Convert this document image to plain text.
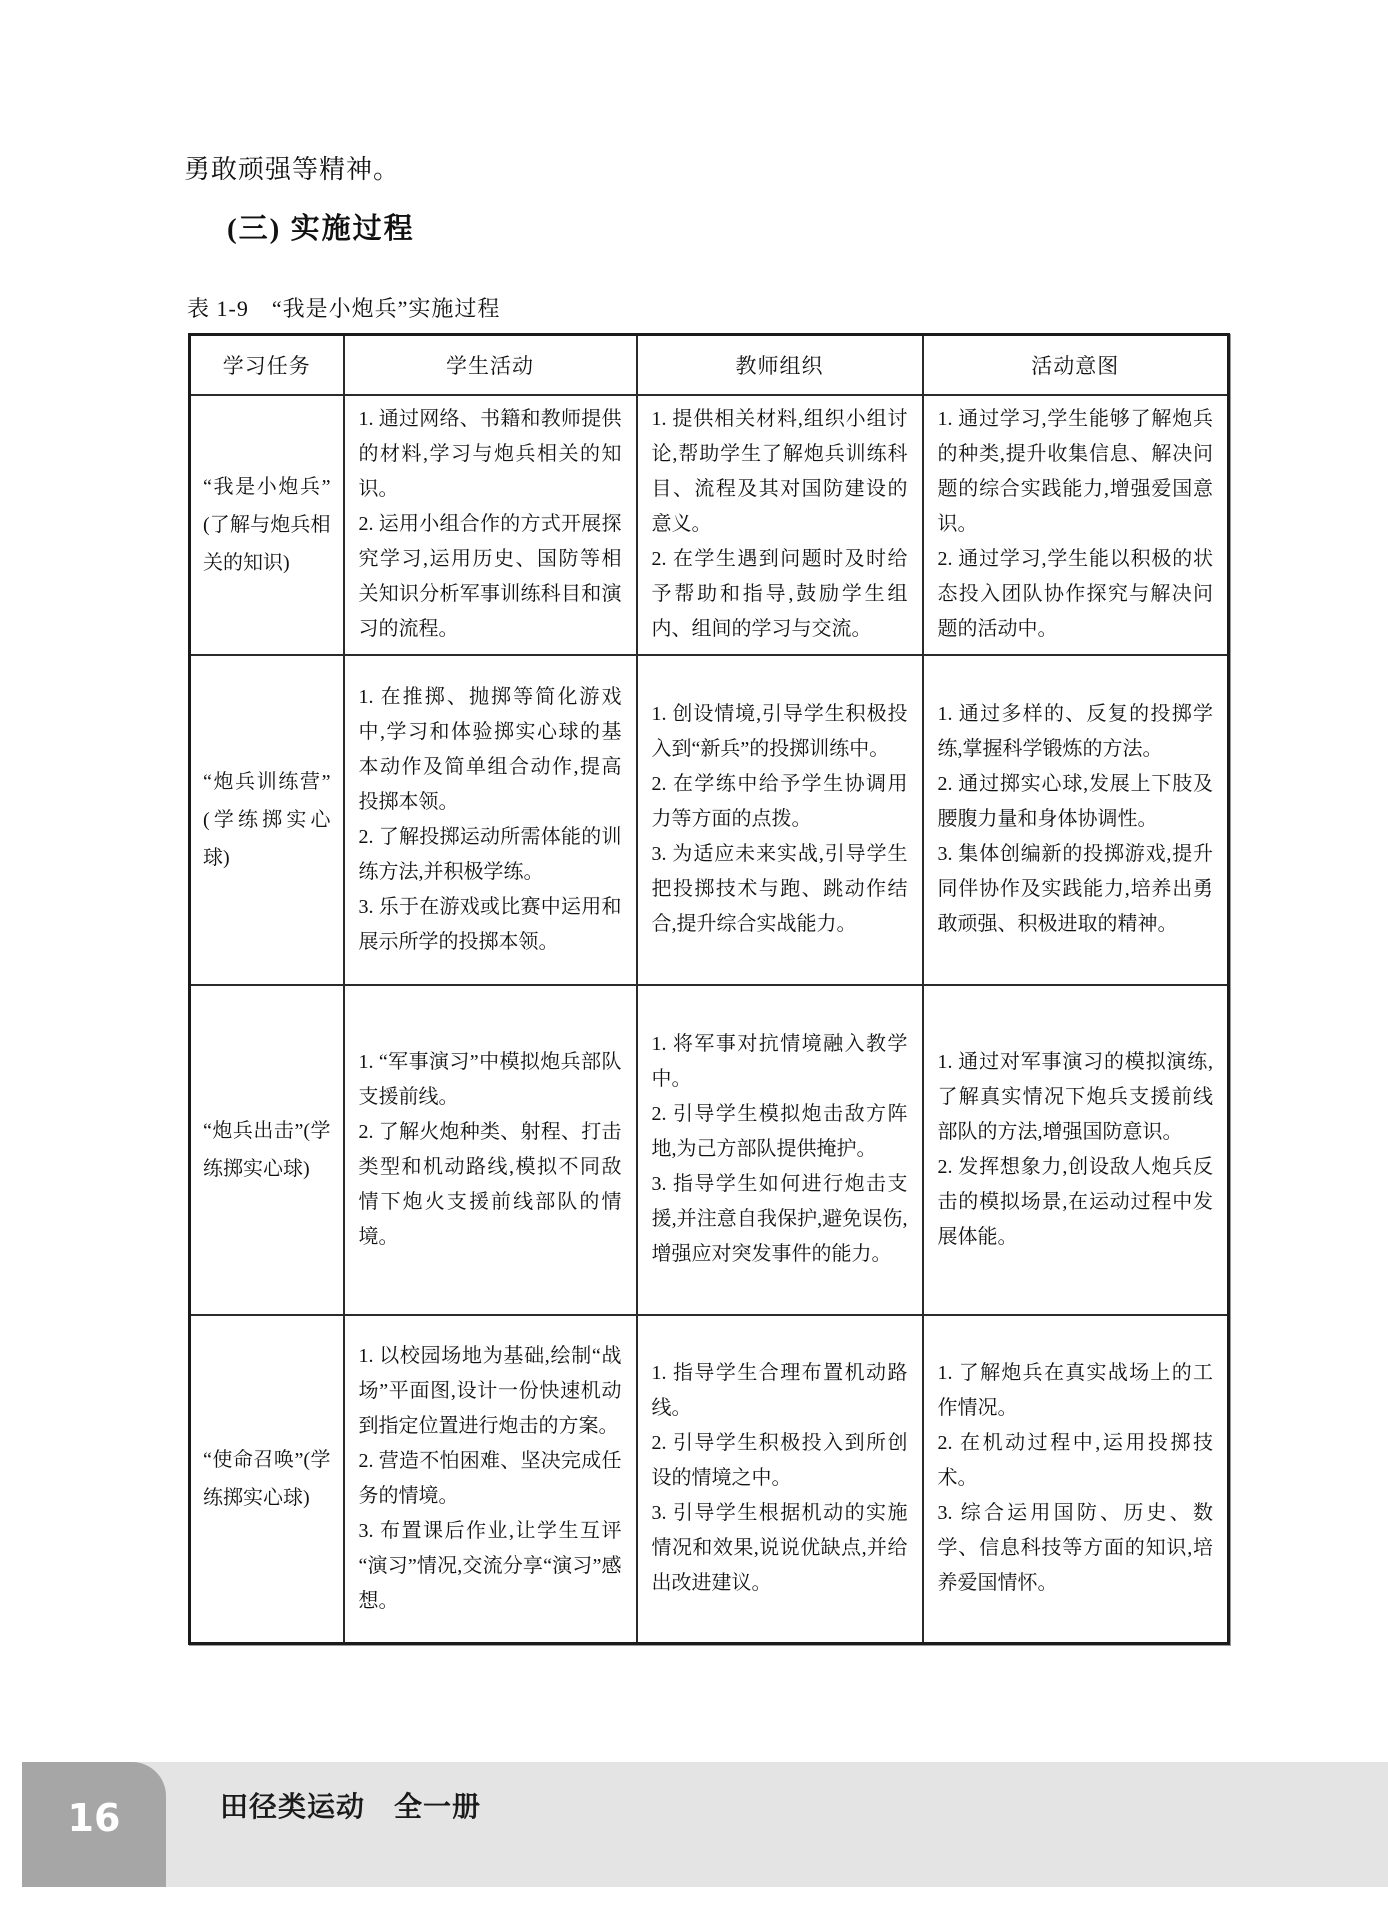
勇敢顽强等精神。
(三) 实施过程
表 1-9　“我是小炮兵”实施过程
学习任务	学生活动	教师组织	活动意图
“我是小炮兵”(了解与炮兵相关的知识)	
1. 通过网络、书籍和教师提供的材料,学习与炮兵相关的知识。
2. 运用小组合作的方式开展探究学习,运用历史、国防等相关知识分析军事训练科目和演习的流程。

1. 提供相关材料,组织小组讨论,帮助学生了解炮兵训练科目、流程及其对国防建设的意义。
2. 在学生遇到问题时及时给予帮助和指导,鼓励学生组内、组间的学习与交流。

1. 通过学习,学生能够了解炮兵的种类,提升收集信息、解决问题的综合实践能力,增强爱国意识。
2. 通过学习,学生能以积极的状态投入团队协作探究与解决问题的活动中。

“炮兵训练营”(学练掷实心球)	
1. 在推掷、抛掷等简化游戏中,学习和体验掷实心球的基本动作及简单组合动作,提高投掷本领。
2. 了解投掷运动所需体能的训练方法,并积极学练。
3. 乐于在游戏或比赛中运用和展示所学的投掷本领。

1. 创设情境,引导学生积极投入到“新兵”的投掷训练中。
2. 在学练中给予学生协调用力等方面的点拨。
3. 为适应未来实战,引导学生把投掷技术与跑、跳动作结合,提升综合实战能力。

1. 通过多样的、反复的投掷学练,掌握科学锻炼的方法。
2. 通过掷实心球,发展上下肢及腰腹力量和身体协调性。
3. 集体创编新的投掷游戏,提升同伴协作及实践能力,培养出勇敢顽强、积极进取的精神。

“炮兵出击”(学练掷实心球)	
1. “军事演习”中模拟炮兵部队支援前线。
2. 了解火炮种类、射程、打击类型和机动路线,模拟不同敌情下炮火支援前线部队的情境。

1. 将军事对抗情境融入教学中。
2. 引导学生模拟炮击敌方阵地,为己方部队提供掩护。
3. 指导学生如何进行炮击支援,并注意自我保护,避免误伤,增强应对突发事件的能力。

1. 通过对军事演习的模拟演练,了解真实情况下炮兵支援前线部队的方法,增强国防意识。
2. 发挥想象力,创设敌人炮兵反击的模拟场景,在运动过程中发展体能。

“使命召唤”(学练掷实心球)	
1. 以校园场地为基础,绘制“战场”平面图,设计一份快速机动到指定位置进行炮击的方案。
2. 营造不怕困难、坚决完成任务的情境。
3. 布置课后作业,让学生互评“演习”情况,交流分享“演习”感想。

1. 指导学生合理布置机动路线。
2. 引导学生积极投入到所创设的情境之中。
3. 引导学生根据机动的实施情况和效果,说说优缺点,并给出改进建议。

1. 了解炮兵在真实战场上的工作情况。
2. 在机动过程中,运用投掷技术。
3. 综合运用国防、历史、数学、信息科技等方面的知识,培养爱国情怀。
16	田径类运动　全一册
